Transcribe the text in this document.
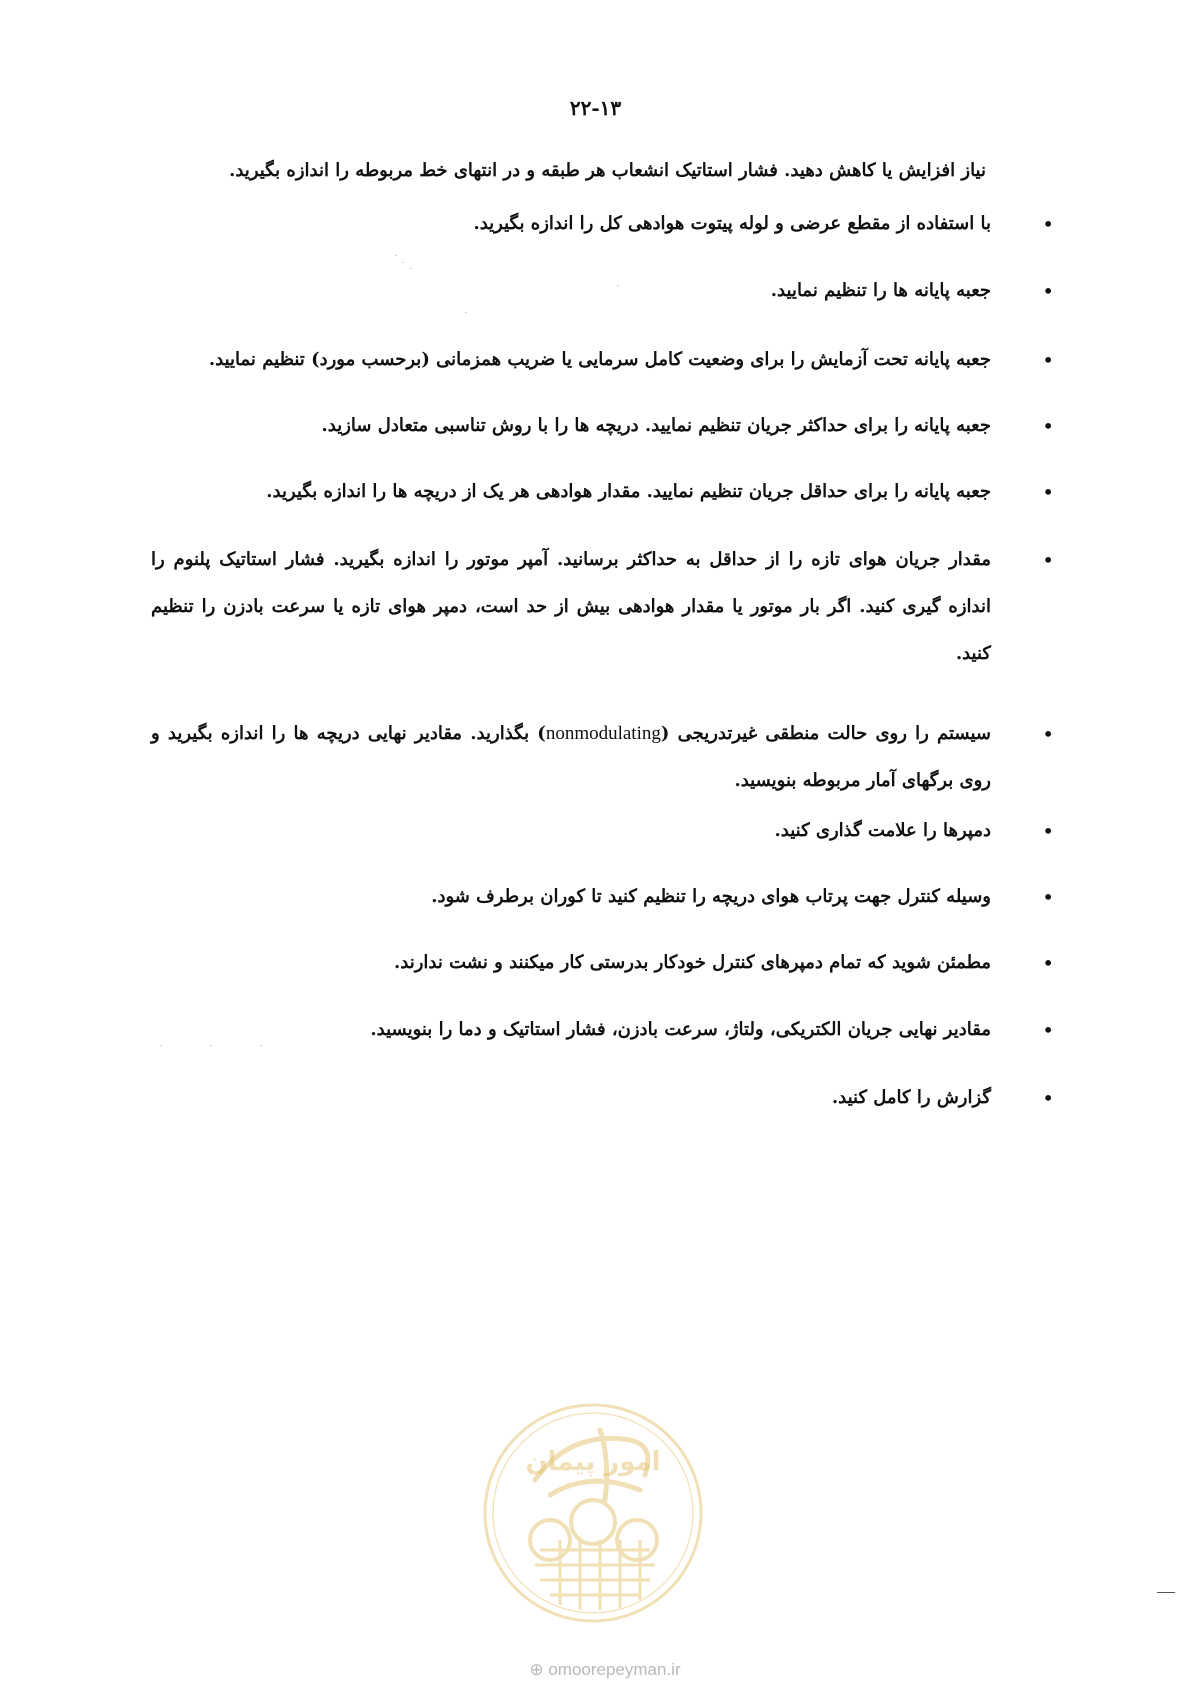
۲۲-۱۳
نیاز افزایش یا کاهش دهید. فشار استاتیک انشعاب هر طبقه و در انتهای خط مربوطه را اندازه بگیرید.
•
با استفاده از مقطع عرضی و لوله پیتوت هوادهی کل را اندازه بگیرید.
•
جعبه پایانه ها را تنظیم نمایید.
•
جعبه پایانه تحت آزمایش را برای وضعیت کامل سرمایی یا ضریب همزمانی (برحسب مورد) تنظیم نمایید.
•
جعبه پایانه را برای حداکثر جریان تنظیم نمایید. دریچه ها را با روش تناسبی متعادل سازید.
•
جعبه پایانه را برای حداقل جریان تنظیم نمایید. مقدار هوادهی هر یک از دریچه ها را اندازه بگیرید.
•
مقدار جریان هوای تازه را از حداقل به حداکثر برسانید. آمپر موتور را اندازه بگیرید. فشار استاتیک پلنوم را اندازه گیری کنید. اگر بار موتور یا مقدار هوادهی بیش از حد است، دمپر هوای تازه یا سرعت بادزن را تنظیم کنید.
•
سیستم را روی حالت منطقی غیرتدریجی (nonmodulating) بگذارید. مقادیر نهایی دریچه ها را اندازه بگیرید و روی برگهای آمار مربوطه بنویسید.
•
دمپرها را علامت گذاری کنید.
•
وسیله کنترل جهت پرتاب هوای دریچه را تنظیم کنید تا کوران برطرف شود.
•
مطمئن شوید که تمام دمپرهای کنترل خودکار بدرستی کار میکنند و نشت ندارند.
•
مقادیر نهایی جریان الکتریکی، ولتاژ، سرعت بادزن، فشار استاتیک و دما را بنویسید.
•
گزارش را کامل کنید.
امور پیمان
⊕ omoorepeyman.ir
